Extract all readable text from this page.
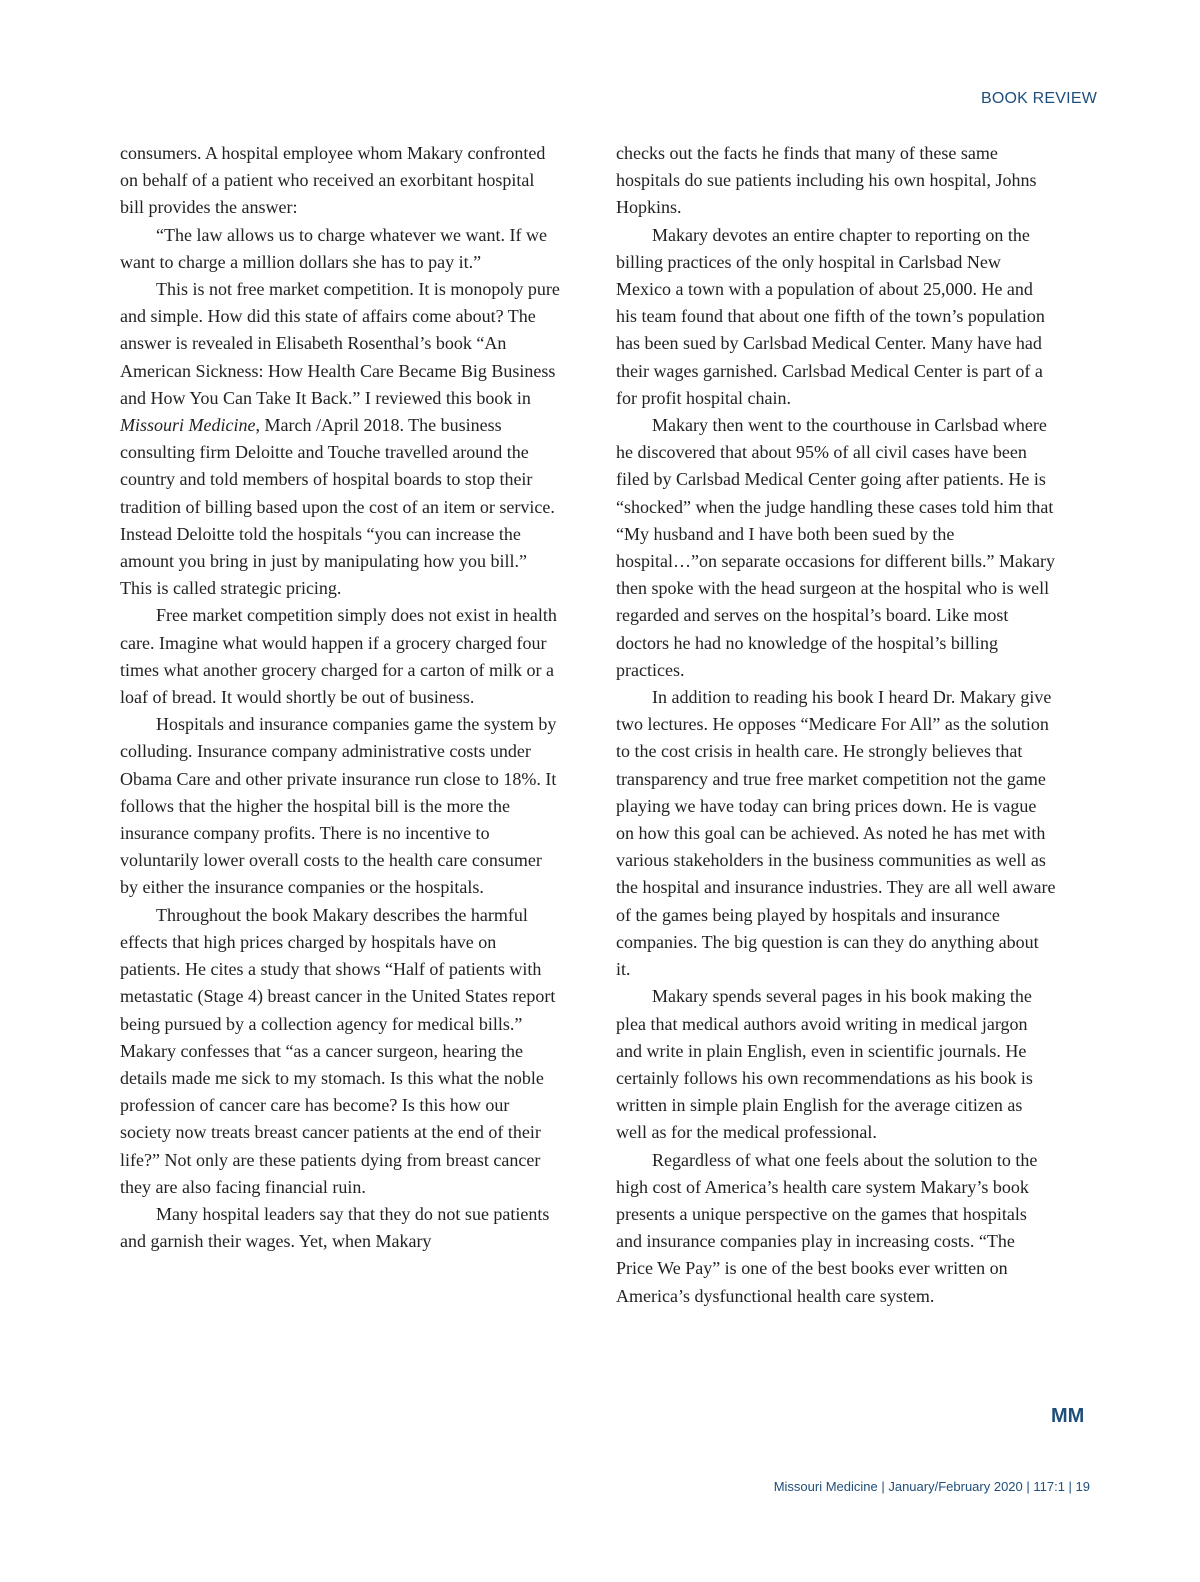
BOOK REVIEW

consumers. A hospital employee whom Makary confronted on behalf of a patient who received an exorbitant hospital bill provides the answer:

“The law allows us to charge whatever we want. If we want to charge a million dollars she has to pay it.”

This is not free market competition. It is monopoly pure and simple. How did this state of affairs come about? The answer is revealed in Elisabeth Rosenthal’s book “An American Sickness: How Health Care Became Big Business and How You Can Take It Back.” I reviewed this book in Missouri Medicine, March /April 2018. The business consulting firm Deloitte and Touche travelled around the country and told members of hospital boards to stop their tradition of billing based upon the cost of an item or service. Instead Deloitte told the hospitals “you can increase the amount you bring in just by manipulating how you bill.” This is called strategic pricing.

Free market competition simply does not exist in health care. Imagine what would happen if a grocery charged four times what another grocery charged for a carton of milk or a loaf of bread. It would shortly be out of business.

Hospitals and insurance companies game the system by colluding. Insurance company administrative costs under Obama Care and other private insurance run close to 18%. It follows that the higher the hospital bill is the more the insurance company profits. There is no incentive to voluntarily lower overall costs to the health care consumer by either the insurance companies or the hospitals.

Throughout the book Makary describes the harmful effects that high prices charged by hospitals have on patients. He cites a study that shows “Half of patients with metastatic (Stage 4) breast cancer in the United States report being pursued by a collection agency for medical bills.” Makary confesses that “as a cancer surgeon, hearing the details made me sick to my stomach. Is this what the noble profession of cancer care has become? Is this how our society now treats breast cancer patients at the end of their life?” Not only are these patients dying from breast cancer they are also facing financial ruin.

Many hospital leaders say that they do not sue patients and garnish their wages. Yet, when Makary

checks out the facts he finds that many of these same hospitals do sue patients including his own hospital, Johns Hopkins.

Makary devotes an entire chapter to reporting on the billing practices of the only hospital in Carlsbad New Mexico a town with a population of about 25,000. He and his team found that about one fifth of the town’s population has been sued by Carlsbad Medical Center. Many have had their wages garnished. Carlsbad Medical Center is part of a for profit hospital chain.

Makary then went to the courthouse in Carlsbad where he discovered that about 95% of all civil cases have been filed by Carlsbad Medical Center going after patients. He is “shocked” when the judge handling these cases told him that “My husband and I have both been sued by the hospital…”on separate occasions for different bills.” Makary then spoke with the head surgeon at the hospital who is well regarded and serves on the hospital’s board. Like most doctors he had no knowledge of the hospital’s billing practices.

In addition to reading his book I heard Dr. Makary give two lectures. He opposes “Medicare For All” as the solution to the cost crisis in health care. He strongly believes that transparency and true free market competition not the game playing we have today can bring prices down. He is vague on how this goal can be achieved. As noted he has met with various stakeholders in the business communities as well as the hospital and insurance industries. They are all well aware of the games being played by hospitals and insurance companies. The big question is can they do anything about it.

Makary spends several pages in his book making the plea that medical authors avoid writing in medical jargon and write in plain English, even in scientific journals. He certainly follows his own recommendations as his book is written in simple plain English for the average citizen as well as for the medical professional.

Regardless of what one feels about the solution to the high cost of America’s health care system Makary’s book presents a unique perspective on the games that hospitals and insurance companies play in increasing costs. “The Price We Pay” is one of the best books ever written on America’s dysfunctional health care system.

MM
Missouri Medicine | January/February 2020 | 117:1 | 19
